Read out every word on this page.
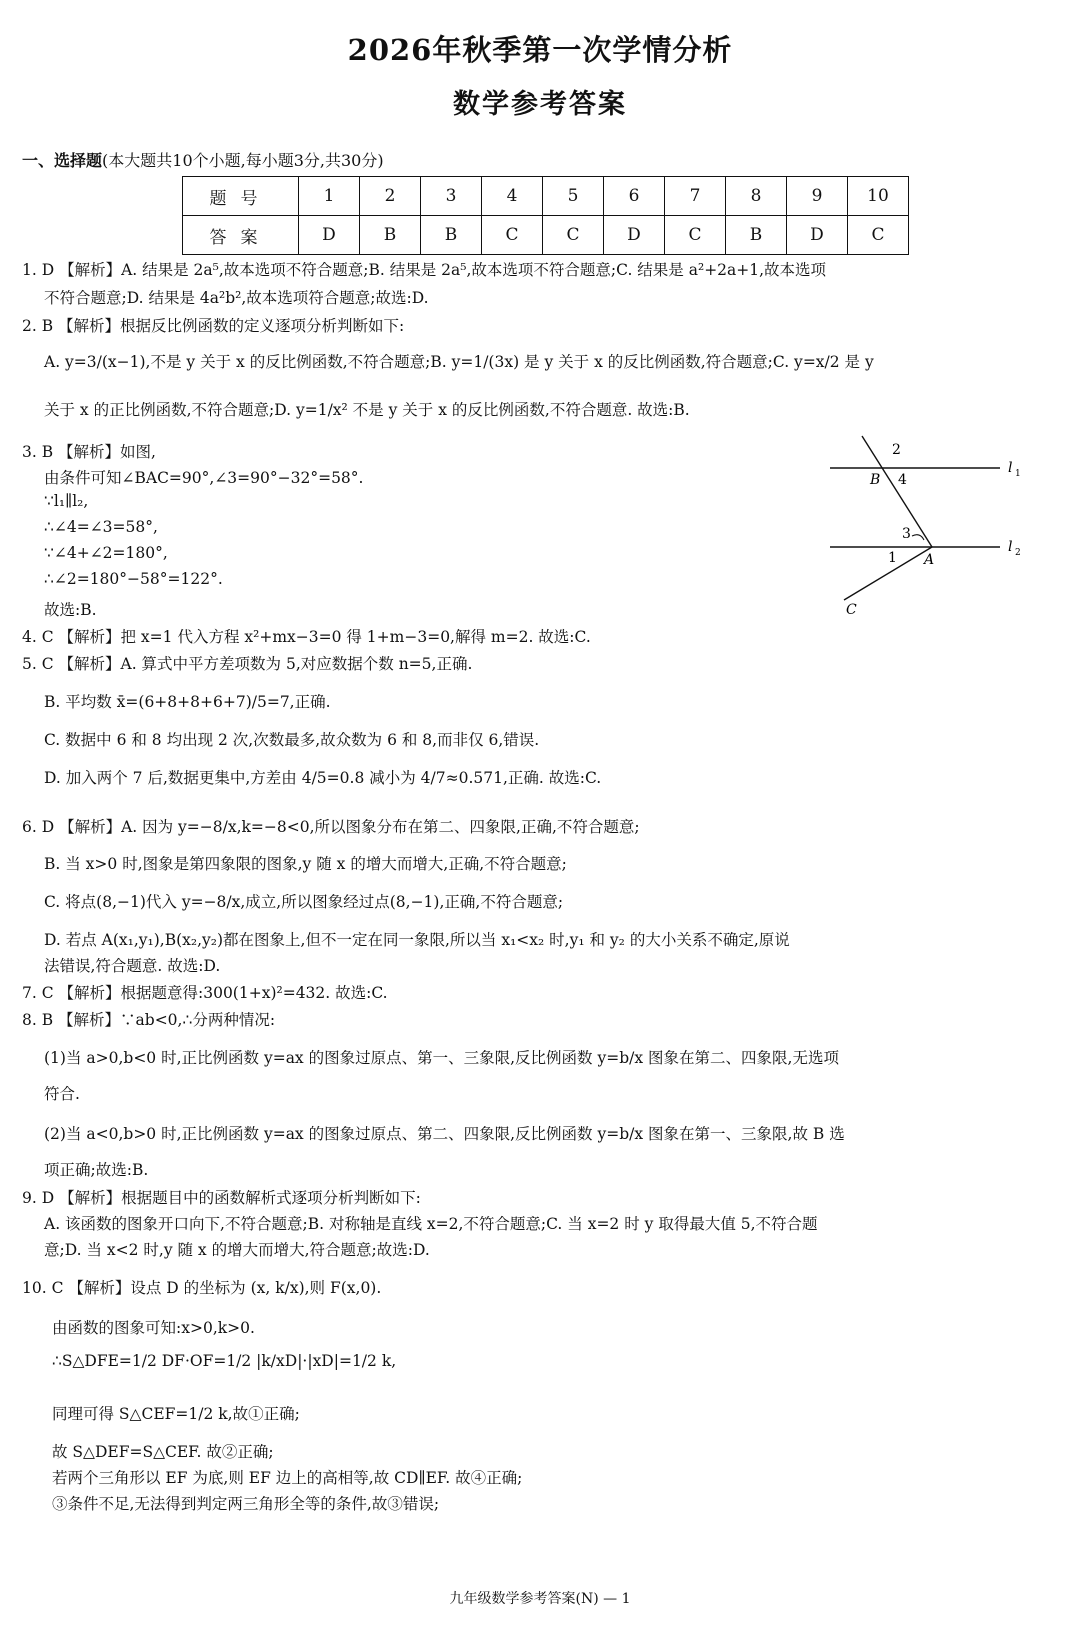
2026年秋季第一次学情分析
数学参考答案
一、选择题(本大题共10个小题,每小题3分,共30分)
题号	1	2	3	4	5	6	7	8	9	10
答案	D	B	B	C	C	D	C	B	D	C
1. D 【解析】A. 结果是 2a⁵,故本选项不符合题意;B. 结果是 2a⁵,故本选项不符合题意;C. 结果是 a²+2a+1,故本选项
不符合题意;D. 结果是 4a²b²,故本选项符合题意;故选:D.
2. B 【解析】根据反比例函数的定义逐项分析判断如下:
A. y=3/(x−1),不是 y 关于 x 的反比例函数,不符合题意;B. y=1/(3x) 是 y 关于 x 的反比例函数,符合题意;C. y=x/2 是 y
关于 x 的正比例函数,不符合题意;D. y=1/x² 不是 y 关于 x 的反比例函数,不符合题意. 故选:B.
3. B 【解析】如图,
由条件可知∠BAC=90°,∠3=90°−32°=58°.
∵l₁∥l₂,
∴∠4=∠3=58°,
∵∠4+∠2=180°,
∴∠2=180°−58°=122°.
故选:B.
2
B 4
l 1
3
l 2
1 A
C
4. C 【解析】把 x=1 代入方程 x²+mx−3=0 得 1+m−3=0,解得 m=2. 故选:C.
5. C 【解析】A. 算式中平方差项数为 5,对应数据个数 n=5,正确.
B. 平均数 x̄=(6+8+8+6+7)/5=7,正确.
C. 数据中 6 和 8 均出现 2 次,次数最多,故众数为 6 和 8,而非仅 6,错误.
D. 加入两个 7 后,数据更集中,方差由 4/5=0.8 减小为 4/7≈0.571,正确. 故选:C.
6. D 【解析】A. 因为 y=−8/x,k=−8<0,所以图象分布在第二、四象限,正确,不符合题意;
B. 当 x>0 时,图象是第四象限的图象,y 随 x 的增大而增大,正确,不符合题意;
C. 将点(8,−1)代入 y=−8/x,成立,所以图象经过点(8,−1),正确,不符合题意;
D. 若点 A(x₁,y₁),B(x₂,y₂)都在图象上,但不一定在同一象限,所以当 x₁<x₂ 时,y₁ 和 y₂ 的大小关系不确定,原说
法错误,符合题意. 故选:D.
7. C 【解析】根据题意得:300(1+x)²=432. 故选:C.
8. B 【解析】∵ab<0,∴分两种情况:
(1)当 a>0,b<0 时,正比例函数 y=ax 的图象过原点、第一、三象限,反比例函数 y=b/x 图象在第二、四象限,无选项
符合.
(2)当 a<0,b>0 时,正比例函数 y=ax 的图象过原点、第二、四象限,反比例函数 y=b/x 图象在第一、三象限,故 B 选
项正确;故选:B.
9. D 【解析】根据题目中的函数解析式逐项分析判断如下:
A. 该函数的图象开口向下,不符合题意;B. 对称轴是直线 x=2,不符合题意;C. 当 x=2 时 y 取得最大值 5,不符合题
意;D. 当 x<2 时,y 随 x 的增大而增大,符合题意;故选:D.
10. C 【解析】设点 D 的坐标为 (x, k/x),则 F(x,0).
由函数的图象可知:x>0,k>0.
∴S△DFE=1/2 DF·OF=1/2 |k/xD|·|xD|=1/2 k,
同理可得 S△CEF=1/2 k,故①正确;
故 S△DEF=S△CEF. 故②正确;
若两个三角形以 EF 为底,则 EF 边上的高相等,故 CD∥EF. 故④正确;
③条件不足,无法得到判定两三角形全等的条件,故③错误;
九年级数学参考答案(N) — 1
